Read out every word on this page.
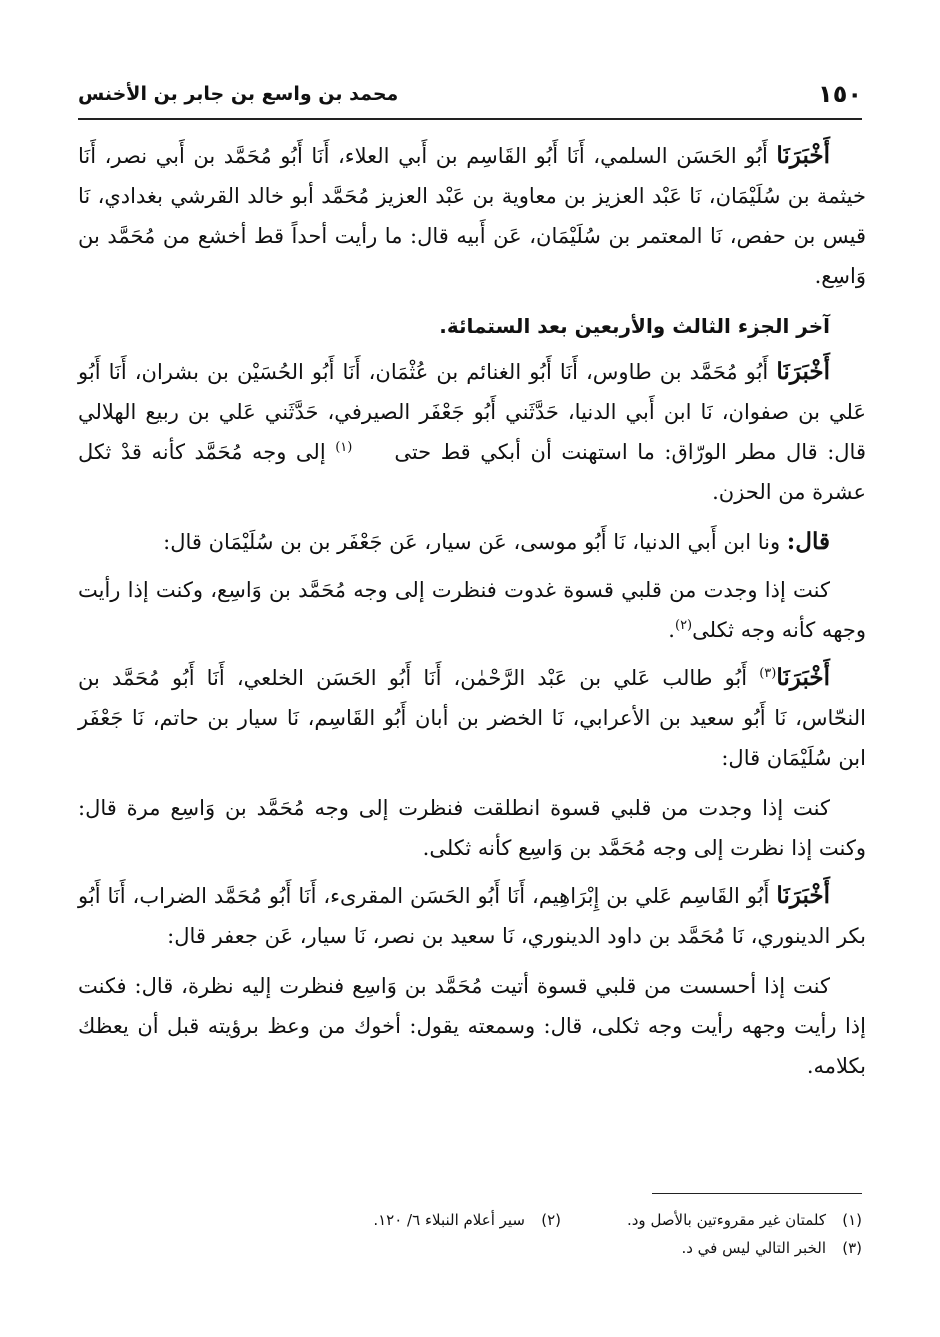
١٥٠
محمد بن واسع بن جابر بن الأخنس

أَخْبَرَنَا أَبُو الحَسَن السلمي، أَنَا أَبُو القَاسِم بن أَبي العلاء، أَنَا أَبُو مُحَمَّد بن أَبي نصر، أَنَا خيثمة بن سُلَيْمَان، نَا عَبْد العزيز بن معاوية بن عَبْد العزيز مُحَمَّد أبو خالد القرشي بغدادي، نَا قيس بن حفص، نَا المعتمر بن سُلَيْمَان، عَن أَبيه قال: ما رأيت أحداً قط أخشع من مُحَمَّد بن وَاسِع.

آخر الجزء الثالث والأربعين بعد الستمائة.

أَخْبَرَنَا أَبُو مُحَمَّد بن طاوس، أَنَا أَبُو الغنائم بن عُثْمَان، أَنَا أَبُو الحُسَيْن بن بشران، أَنَا أَبُو عَلي بن صفوان، نَا ابن أَبي الدنيا، حَدَّثَني أَبُو جَعْفَر الصيرفي، حَدَّثَني عَلي بن ربيع الهلالي قال: قال مطر الورّاق: ما استهنت أن أبكي قط حتى$^{(١)}$ إلى وجه مُحَمَّد كأنه قدْ ثكل عشرة من الحزن.

قال: ونا ابن أَبي الدنيا، نَا أَبُو موسى، عَن سيار، عَن جَعْفَر بن بن سُلَيْمَان قال:

كنت إذا وجدت من قلبي قسوة غدوت فنظرت إلى وجه مُحَمَّد بن وَاسِع، وكنت إذا رأيت وجهه كأنه وجه ثكلى$^{(٢)}$.

أَخْبَرَنَا$^{(٣)}$ أَبُو طالب عَلي بن عَبْد الرَّحْمٰن، أَنَا أَبُو الحَسَن الخلعي، أَنَا أَبُو مُحَمَّد بن النحّاس، نَا أَبُو سعيد بن الأعرابي، نَا الخضر بن أبان أَبُو القَاسِم، نَا سيار بن حاتم، نَا جَعْفَر ابن سُلَيْمَان قال:

كنت إذا وجدت من قلبي قسوة انطلقت فنظرت إلى وجه مُحَمَّد بن وَاسِع مرة قال: وكنت إذا نظرت إلى وجه مُحَمَّد بن وَاسِع كأنه ثكلى.

أَخْبَرَنَا أَبُو القَاسِم عَلي بن إِبْرَاهِيم، أَنَا أَبُو الحَسَن المقرىء، أَنَا أَبُو مُحَمَّد الضراب، أَنَا أَبُو بكر الدينوري، نَا مُحَمَّد بن داود الدينوري، نَا سعيد بن نصر، نَا سيار، عَن جعفر قال:

كنت إذا أحسست من قلبي قسوة أتيت مُحَمَّد بن وَاسِع فنظرت إليه نظرة، قال: فكنت إذا رأيت وجهه رأيت وجه ثكلى، قال: وسمعته يقول: أخوك من وعظ برؤيته قبل أن يعظك بكلامه.

(١)كلمتان غير مقروءتين بالأصل ود.
(٢)سير أعلام النبلاء ٦/ ١٢٠.
(٣)الخبر التالي ليس في د.
